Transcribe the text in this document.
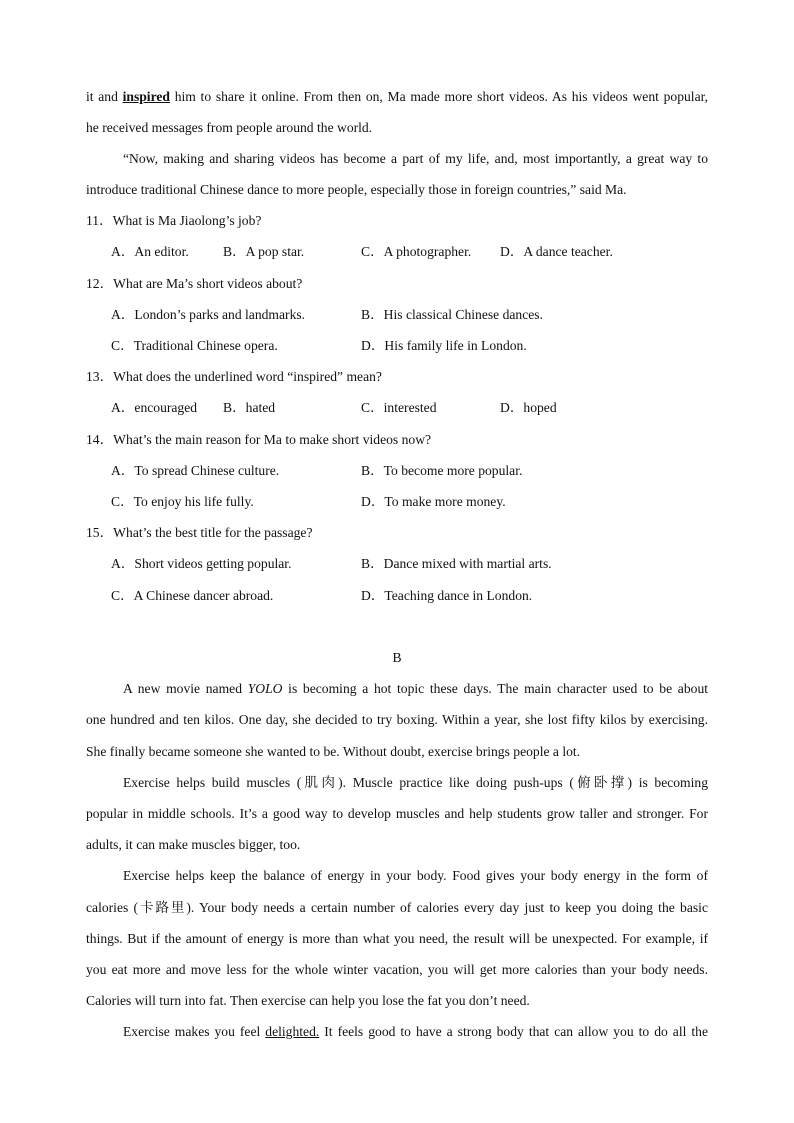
it and inspired him to share it online. From then on, Ma made more short videos. As his videos went popular,
he received messages from people around the world.
“Now, making and sharing videos has become a part of my life, and, most importantly, a great way to
introduce traditional Chinese dance to more people, especially those in foreign countries,” said Ma.
11．What is Ma Jiaolong’s job?
A．An editor.	B．A pop star.	C．A photographer. D．A dance teacher.
12．What are Ma’s short videos about?
A．London’s parks and landmarks.	B．His classical Chinese dances.
C．Traditional Chinese opera.	D．His family life in London.
13．What does the underlined word “inspired” mean?
A．encouraged B．hated	C．interested	D．hoped
14．What’s the main reason for Ma to make short videos now?
A．To spread Chinese culture.	B．To become more popular.
C．To enjoy his life fully.	D．To make more money.
15．What’s the best title for the passage?
A．Short videos getting popular.	B．Dance mixed with martial arts.
C．A Chinese dancer abroad.	D．Teaching dance in London.
B
A new movie named YOLO is becoming a hot topic these days. The main character used to be about
one hundred and ten kilos. One day, she decided to try boxing. Within a year, she lost fifty kilos by exercising.
She finally became someone she wanted to be. Without doubt, exercise brings people a lot.
Exercise helps build muscles (肌肉). Muscle practice like doing push-ups (俯卧撑) is becoming
popular in middle schools. It’s a good way to develop muscles and help students grow taller and stronger. For
adults, it can make muscles bigger, too.
Exercise helps keep the balance of energy in your body. Food gives your body energy in the form of
calories (卡路里). Your body needs a certain number of calories every day just to keep you doing the basic
things. But if the amount of energy is more than what you need, the result will be unexpected. For example, if
you eat more and move less for the whole winter vacation, you will get more calories than your body needs.
Calories will turn into fat. Then exercise can help you lose the fat you don’t need.
Exercise makes you feel delighted. It feels good to have a strong body that can allow you to do all the
